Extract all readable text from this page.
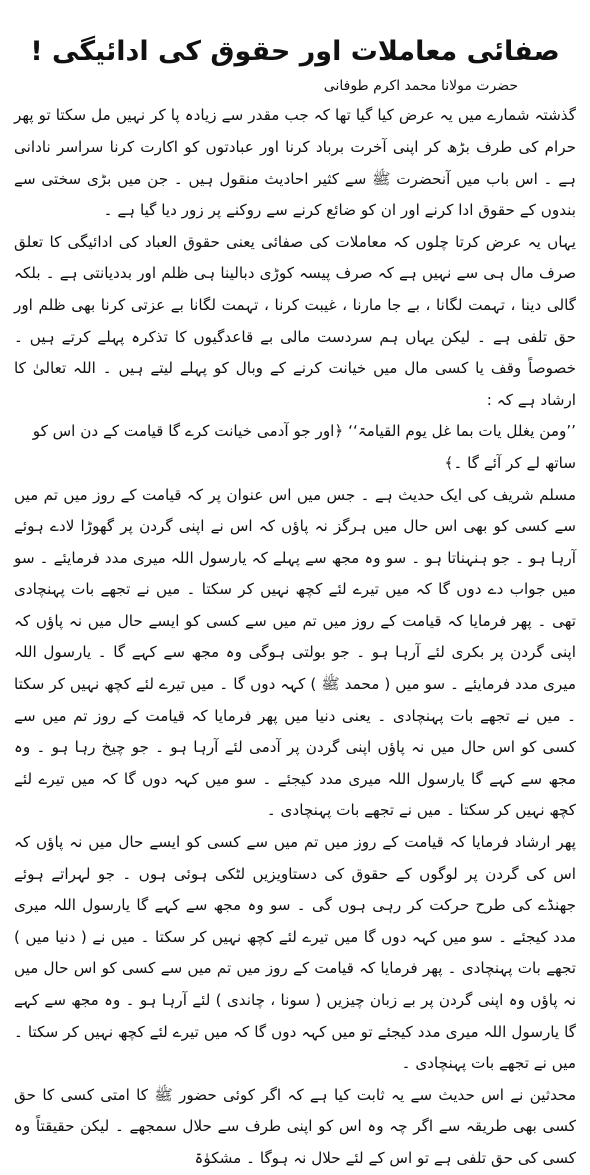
صفائی معاملات اور حقوق کی ادائیگی !
حضرت مولانا محمد اکرم طوفانی

گذشتہ شمارے میں یہ عرض کیا گیا تھا کہ جب مقدر سے زیادہ پا کر نہیں مل سکتا تو پھر حرام کی طرف بڑھ کر اپنی آخرت برباد کرنا اور عبادتوں کو اکارت کرنا سراسر نادانی ہے ۔ اس باب میں آنحضرت ﷺ سے کثیر احادیث منقول ہیں ۔ جن میں بڑی سختی سے بندوں کے حقوق ادا کرنے اور ان کو ضائع کرنے سے روکنے پر زور دیا گیا ہے ۔

یہاں یہ عرض کرتا چلوں کہ معاملات کی صفائی یعنی حقوق العباد کی ادائیگی کا تعلق صرف مال ہی سے نہیں ہے کہ صرف پیسہ کوڑی دبالینا ہی ظلم اور بددیانتی ہے ۔ بلکہ گالی دینا ، تہمت لگانا ، بے جا مارنا ، غیبت کرنا ، تہمت لگانا بے عزتی کرنا بھی ظلم اور حق تلفی ہے ۔ لیکن یہاں ہم سردست مالی بے قاعدگیوں کا تذکرہ پہلے کرتے ہیں ۔ خصوصاً وقف یا کسی مال میں خیانت کرنے کے وبال کو پہلے لیتے ہیں ۔ اللہ تعالیٰ کا ارشاد ہے کہ :

’’ومن یغلل یات بما غل یوم القیامۃ‘‘ ﴿اور جو آدمی خیانت کرے گا قیامت کے دن اس کو ساتھ لے کر آئے گا ۔﴾

مسلم شریف کی ایک حدیث ہے ۔ جس میں اس عنوان پر کہ قیامت کے روز میں تم میں سے کسی کو بھی اس حال میں ہرگز نہ پاؤں کہ اس نے اپنی گردن پر گھوڑا لادے ہوئے آرہا ہو ۔ جو ہنہناتا ہو ۔ سو وہ مجھ سے پہلے کہ یارسول اللہ میری مدد فرمایئے ۔ سو میں جواب دے دوں گا کہ میں تیرے لئے کچھ نہیں کر سکتا ۔ میں نے تجھے بات پہنچادی تھی ۔ پھر فرمایا کہ قیامت کے روز میں تم میں سے کسی کو ایسے حال میں نہ پاؤں کہ اپنی گردن پر بکری لئے آرہا ہو ۔ جو بولتی ہوگی وہ مجھ سے کہے گا ۔ یارسول اللہ میری مدد فرمایئے ۔ سو میں ( محمد ﷺ ) کہہ دوں گا ۔ میں تیرے لئے کچھ نہیں کر سکتا ۔ میں نے تجھے بات پہنچادی ۔ یعنی دنیا میں پھر فرمایا کہ قیامت کے روز تم میں سے کسی کو اس حال میں نہ پاؤں اپنی گردن پر آدمی لئے آرہا ہو ۔ جو چیخ رہا ہو ۔ وہ مجھ سے کہے گا یارسول اللہ میری مدد کیجئے ۔ سو میں کہہ دوں گا کہ میں تیرے لئے کچھ نہیں کر سکتا ۔ میں نے تجھے بات پہنچادی ۔

پھر ارشاد فرمایا کہ قیامت کے روز میں تم میں سے کسی کو ایسے حال میں نہ پاؤں کہ اس کی گردن پر لوگوں کے حقوق کی دستاویزیں لٹکی ہوئی ہوں ۔ جو لہراتے ہوئے جھنڈے کی طرح حرکت کر رہی ہوں گی ۔ سو وہ مجھ سے کہے گا یارسول اللہ میری مدد کیجئے ۔ سو میں کہہ دوں گا میں تیرے لئے کچھ نہیں کر سکتا ۔ میں نے ( دنیا میں ) تجھے بات پہنچادی ۔ پھر فرمایا کہ قیامت کے روز میں تم میں سے کسی کو اس حال میں نہ پاؤں وہ اپنی گردن پر بے زبان چیزیں ( سونا ، چاندی ) لئے آرہا ہو ۔ وہ مجھ سے کہے گا یارسول اللہ میری مدد کیجئے تو میں کہہ دوں گا کہ میں تیرے لئے کچھ نہیں کر سکتا ۔ میں نے تجھے بات پہنچادی ۔

محدثین نے اس حدیث سے یہ ثابت کیا ہے کہ اگر کوئی حضور ﷺ کا امتی کسی کا حق کسی بھی طریقہ سے اگر چہ وہ اس کو اپنی طرف سے حلال سمجھے ۔ لیکن حقیقتاً وہ کسی کی حق تلفی ہے تو اس کے لئے حلال نہ ہوگا ۔ مشکوٰۃ
